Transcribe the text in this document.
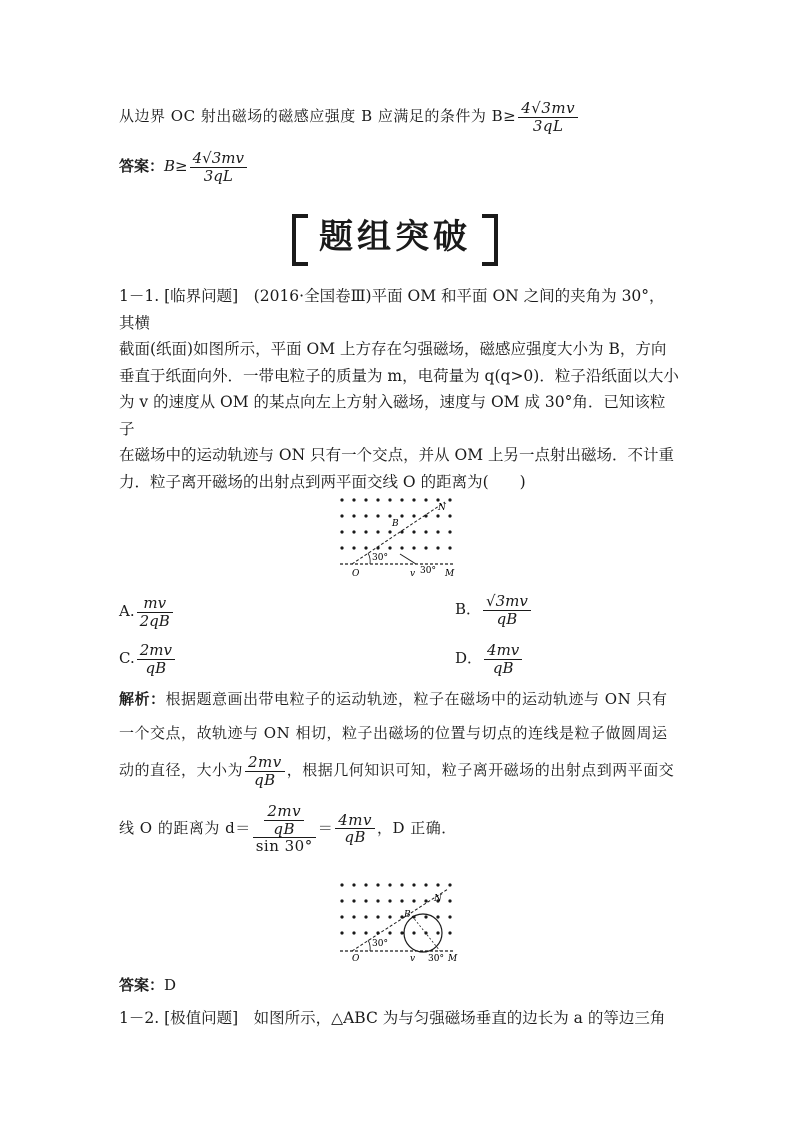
从边界 OC 射出磁场的磁感应强度 B 应满足的条件为 $B\ge \frac{4√3mv}{3qL}$
答案：$B\ge \frac{4√3mv}{3qL}$
题组突破
1－1. [临界问题]　(2016·全国卷Ⅲ)平面 OM 和平面 ON 之间的夹角为 30°，其横
截面(纸面)如图所示，平面 OM 上方存在匀强磁场，磁感应强度大小为 B，方向
垂直于纸面向外．一带电粒子的质量为 m，电荷量为 q(q>0)．粒子沿纸面以大小
为 v 的速度从 OM 的某点向左上方射入磁场，速度与 OM 成 30°角．已知该粒子
在磁场中的运动轨迹与 ON 只有一个交点，并从 OM 上另一点射出磁场．不计重
力．粒子离开磁场的出射点到两平面交线 O 的距离为(　　)
30°
30°
N
B
O	v	M
A. $\frac{mv}{2qB}$	B． $\frac{√3mv}{qB}$
C. $\frac{2mv}{qB}$	D． $\frac{4mv}{qB}$
解析：根据题意画出带电粒子的运动轨迹，粒子在磁场中的运动轨迹与 ON 只有
一个交点，故轨迹与 ON 相切，粒子出磁场的位置与切点的连线是粒子做圆周运
动的直径，大小为 $\frac{2mv}{qB}$ ，根据几何知识可知，粒子离开磁场的出射点到两平面交
线 O 的距离为 $d= \frac{\frac{2mv}{qB}}{\sin 30^\circ} = \frac{4mv}{qB}$ ，D 正确．
30°
30°
N
B
O	v	M
答案：D
1－2. [极值问题]　如图所示，△ABC 为与匀强磁场垂直的边长为 a 的等边三角
